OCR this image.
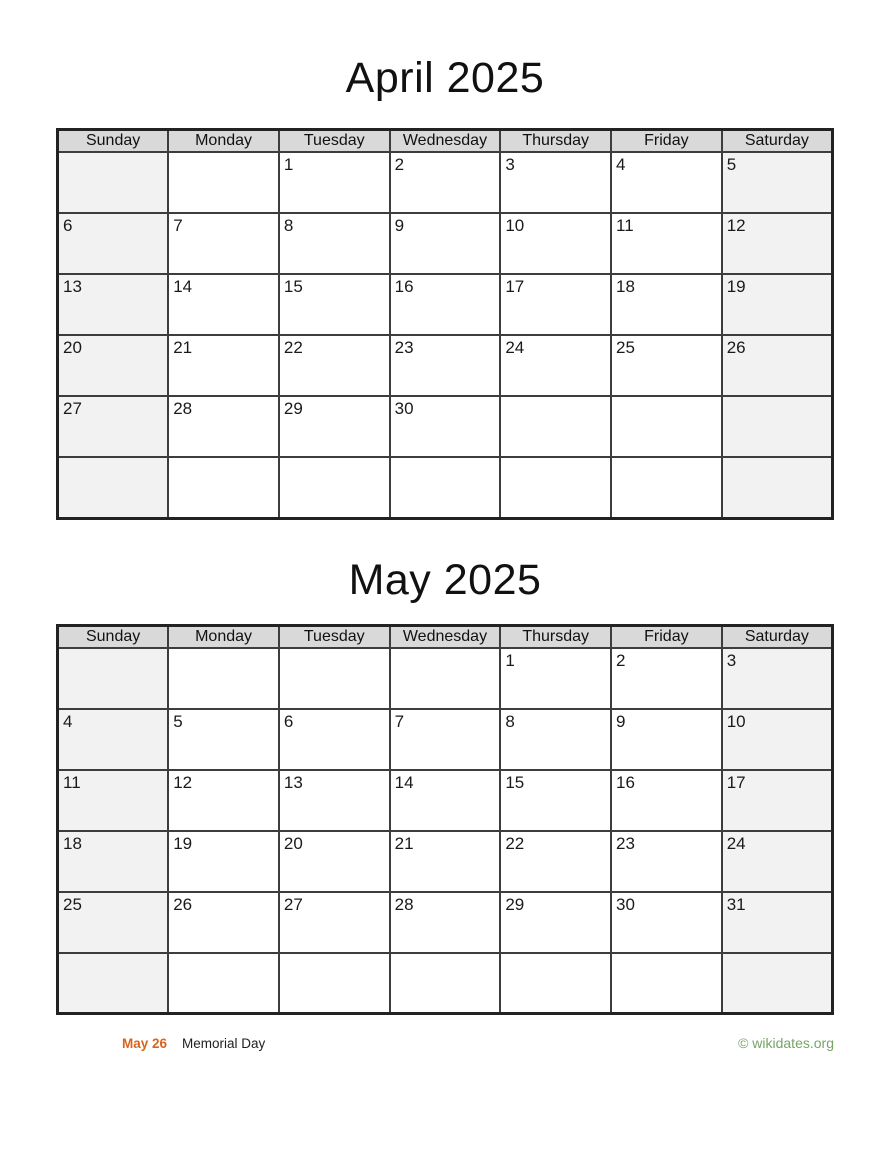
April 2025
Sunday	Monday	Tuesday	Wednesday	Thursday	Friday	Saturday
		1	2	3	4	5
6	7	8	9	10	11	12
13	14	15	16	17	18	19
20	21	22	23	24	25	26
27	28	29	30			

May 2025
Sunday	Monday	Tuesday	Wednesday	Thursday	Friday	Saturday
				1	2	3
4	5	6	7	8	9	10
11	12	13	14	15	16	17
18	19	20	21	22	23	24
25	26	27	28	29	30	31

May 26 Memorial Day	© wikidates.org
